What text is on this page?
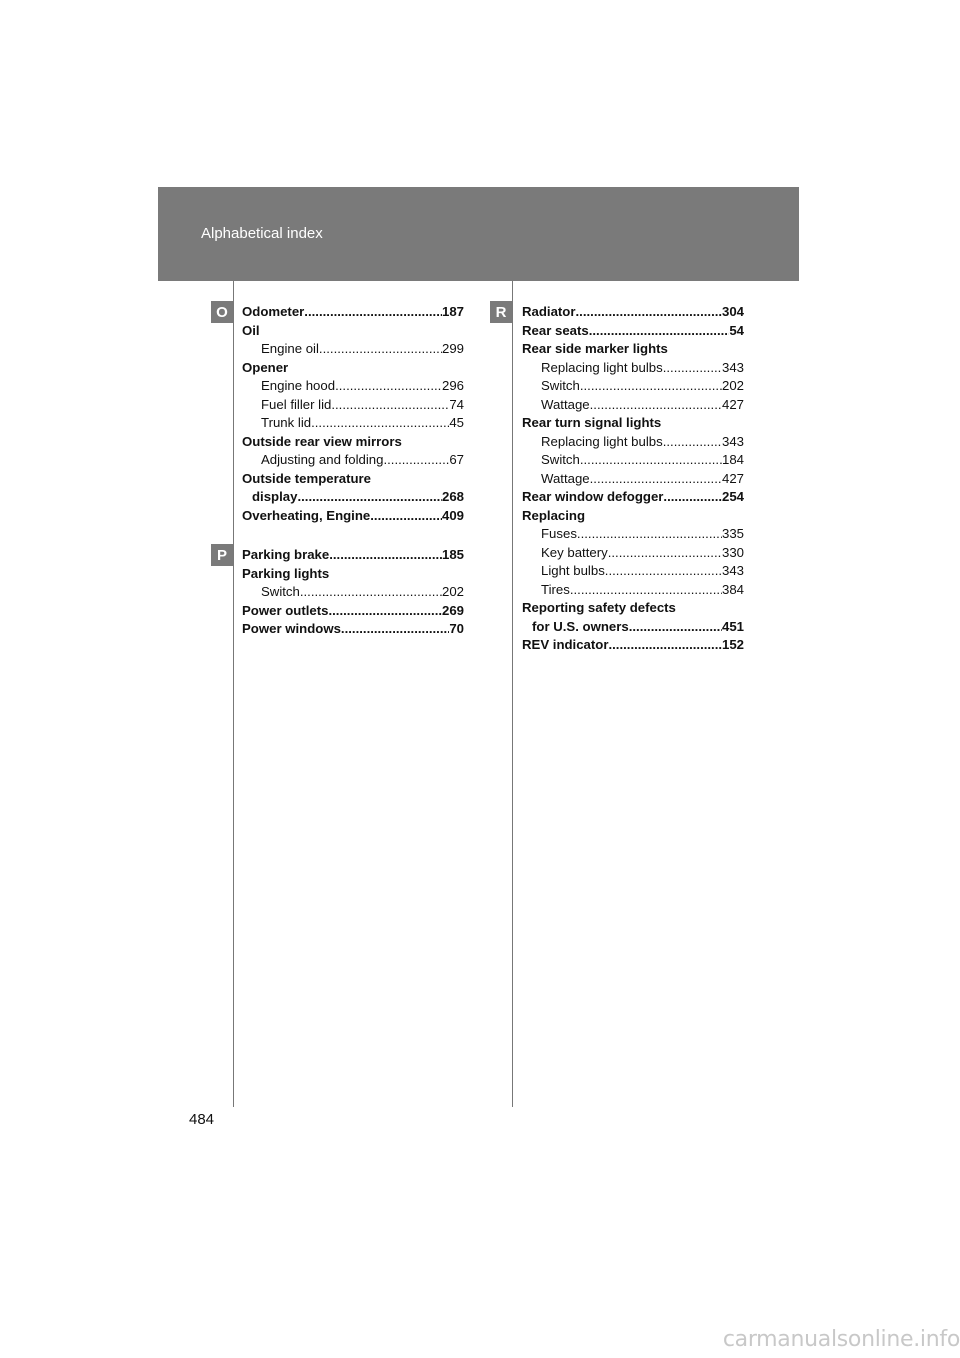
Alphabetical index
O
P
R
Odometer .....	187
Oil
Engine oil .....	299
Opener
Engine hood .....	296
Fuel filler lid .....	74
Trunk lid .....	45
Outside rear view mirrors
Adjusting and folding .....	67
Outside temperature
display .....	268
Overheating, Engine .....	409
Parking brake .....	185
Parking lights
Switch .....	202
Power outlets .....	269
Power windows .....	70
Radiator .....	304
Rear seats .....	54
Rear side marker lights
Replacing light bulbs .....	343
Switch .....	202
Wattage .....	427
Rear turn signal lights
Replacing light bulbs .....	343
Switch .....	184
Wattage .....	427
Rear window defogger .....	254
Replacing
Fuses .....	335
Key battery .....	330
Light bulbs .....	343
Tires .....	384
Reporting safety defects
for U.S. owners .....	451
REV indicator .....	152
484
carmanualsonline.info
